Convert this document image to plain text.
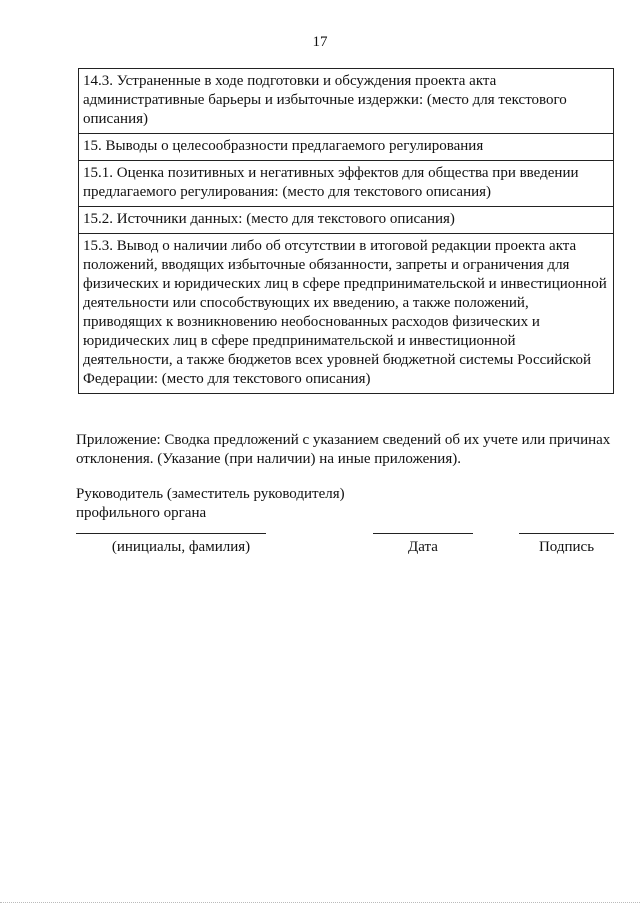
17
14.3. Устраненные в ходе подготовки и обсуждения проекта акта
административные барьеры и избыточные издержки: (место для текстового
описания)
15. Выводы о целесообразности предлагаемого регулирования
15.1. Оценка позитивных и негативных эффектов для общества при введении
предлагаемого регулирования: (место для текстового описания)
15.2. Источники данных: (место для текстового описания)
15.3. Вывод о наличии либо об отсутствии в итоговой редакции проекта акта
положений, вводящих избыточные обязанности, запреты и ограничения для
физических и юридических лиц в сфере предпринимательской и инвестиционной
деятельности или способствующих их введению, а также положений,
приводящих к возникновению необоснованных расходов физических и
юридических лиц в сфере предпринимательской и инвестиционной
деятельности, а также бюджетов всех уровней бюджетной системы Российской
Федерации: (место для текстового описания)
Приложение: Сводка предложений с указанием сведений об их учете или причинах
отклонения. (Указание (при наличии) на иные приложения).
Руководитель (заместитель руководителя)
профильного органа
(инициалы, фамилия)	Дата	Подпись
